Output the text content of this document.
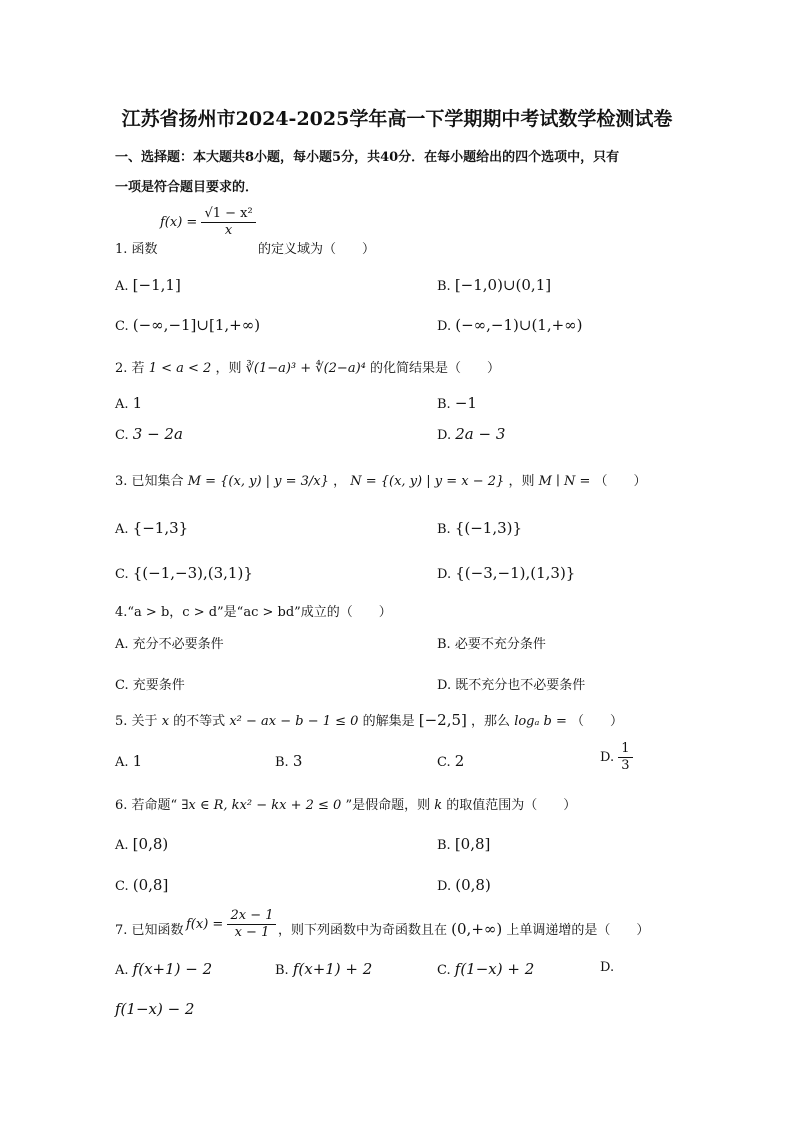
江苏省扬州市2024-2025学年高一下学期期中考试数学检测试卷
一、选择题：本大题共8小题，每小题5分，共40分．在每小题给出的四个选项中，只有
一项是符合题目要求的．
1. 函数
$f(x) = \frac{\text{√1 − x²}}{x}$
的定义域为（　　）
A. [−1,1]	B. [−1,0)∪(0,1]
C. (−∞,−1]∪[1,+∞)	D. (−∞,−1)∪(1,+∞)
2. 若 1 < a < 2 ，则 ∛(1−a)³ + ∜(2−a)⁴ 的化简结果是（　　）
A. 1	B. −1
C. 3 − 2a	D. 2a − 3
3. 已知集合 M = {(x, y) | y = 3/x} ， N = {(x, y) | y = x − 2} ，则 M ∣ N = （　　）
A. {−1,3}	B. {(−1,3)}
C. {(−1,−3),(3,1)}	D. {(−3,−1),(1,3)}
4.“a > b，c > d”是“ac > bd”成立的（　　）
A. 充分不必要条件	B. 必要不充分条件
C. 充要条件	D. 既不充分也不必要条件
5. 关于 x 的不等式 x² − ax − b − 1 ≤ 0 的解集是 [−2,5] ，那么 logₐ b = （　　）
A. 1	B. 3	C. 2	D. $\frac{1}{3}$
6. 若命题“ ∃x ∈ R, kx² − kx + 2 ≤ 0 ”是假命题，则 k 的取值范围为（　　）
A. [0,8)	B. [0,8]
C. (0,8]	D. (0,8)
7. 已知函数 $f(x) = \frac{2x - 1}{x - 1}$ ，则下列函数中为奇函数且在 (0,+∞) 上单调递增的是（　　）
A. f(x+1) − 2	B. f(x+1) + 2	C. f(1−x) + 2	D.
f(1−x) − 2
